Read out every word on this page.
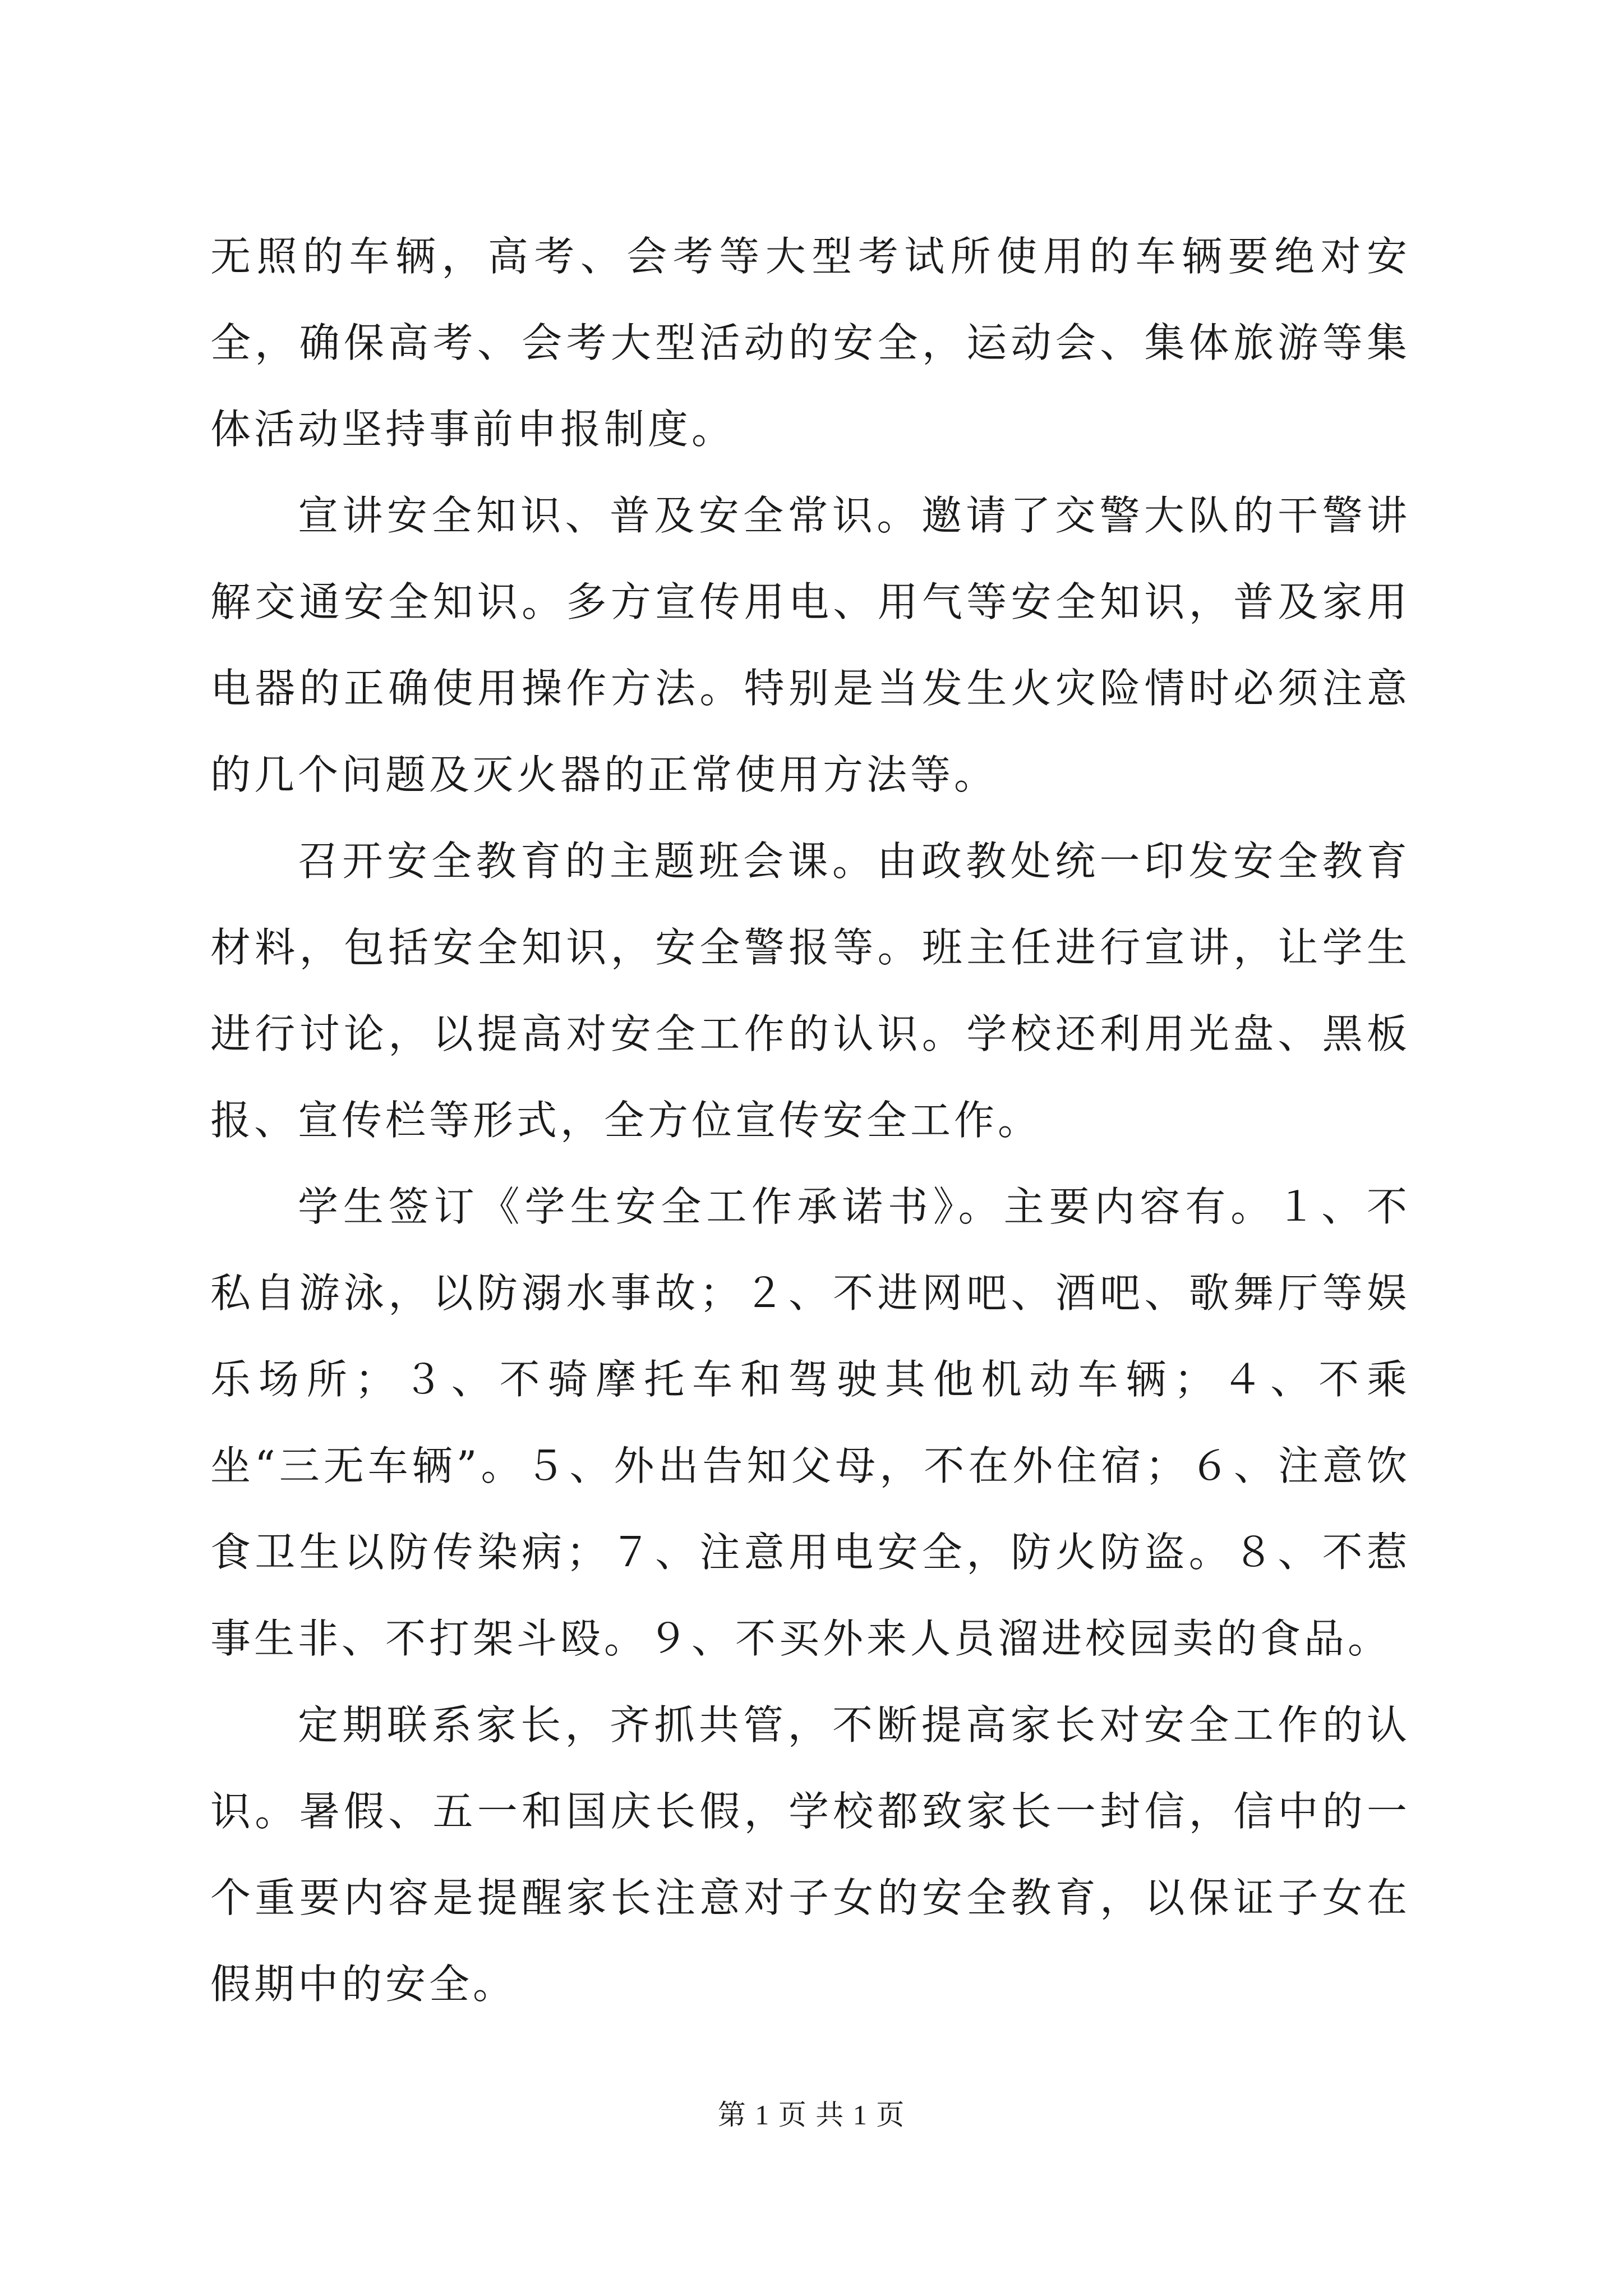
无照的车辆，高考、会考等大型考试所使用的车辆要绝对安全，确保高考、会考大型活动的安全，运动会、集体旅游等集体活动坚持事前申报制度。

宣讲安全知识、普及安全常识。邀请了交警大队的干警讲解交通安全知识。多方宣传用电、用气等安全知识，普及家用电器的正确使用操作方法。特别是当发生火灾险情时必须注意的几个问题及灭火器的正常使用方法等。

召开安全教育的主题班会课。由政教处统一印发安全教育材料，包括安全知识，安全警报等。班主任进行宣讲，让学生进行讨论，以提高对安全工作的认识。学校还利用光盘、黑板报、宣传栏等形式，全方位宣传安全工作。

学生签订《学生安全工作承诺书》。主要内容有。１、不私自游泳，以防溺水事故；２、不进网吧、酒吧、歌舞厅等娱乐场所；３、不骑摩托车和驾驶其他机动车辆；４、不乘坐“三无车辆”。５、外出告知父母，不在外住宿；６、注意饮食卫生以防传染病；７、注意用电安全，防火防盗。８、不惹事生非、不打架斗殴。９、不买外来人员溜进校园卖的食品。

定期联系家长，齐抓共管，不断提高家长对安全工作的认识。暑假、五一和国庆长假，学校都致家长一封信，信中的一个重要内容是提醒家长注意对子女的安全教育，以保证子女在假期中的安全。

第 1 页 共 1 页
